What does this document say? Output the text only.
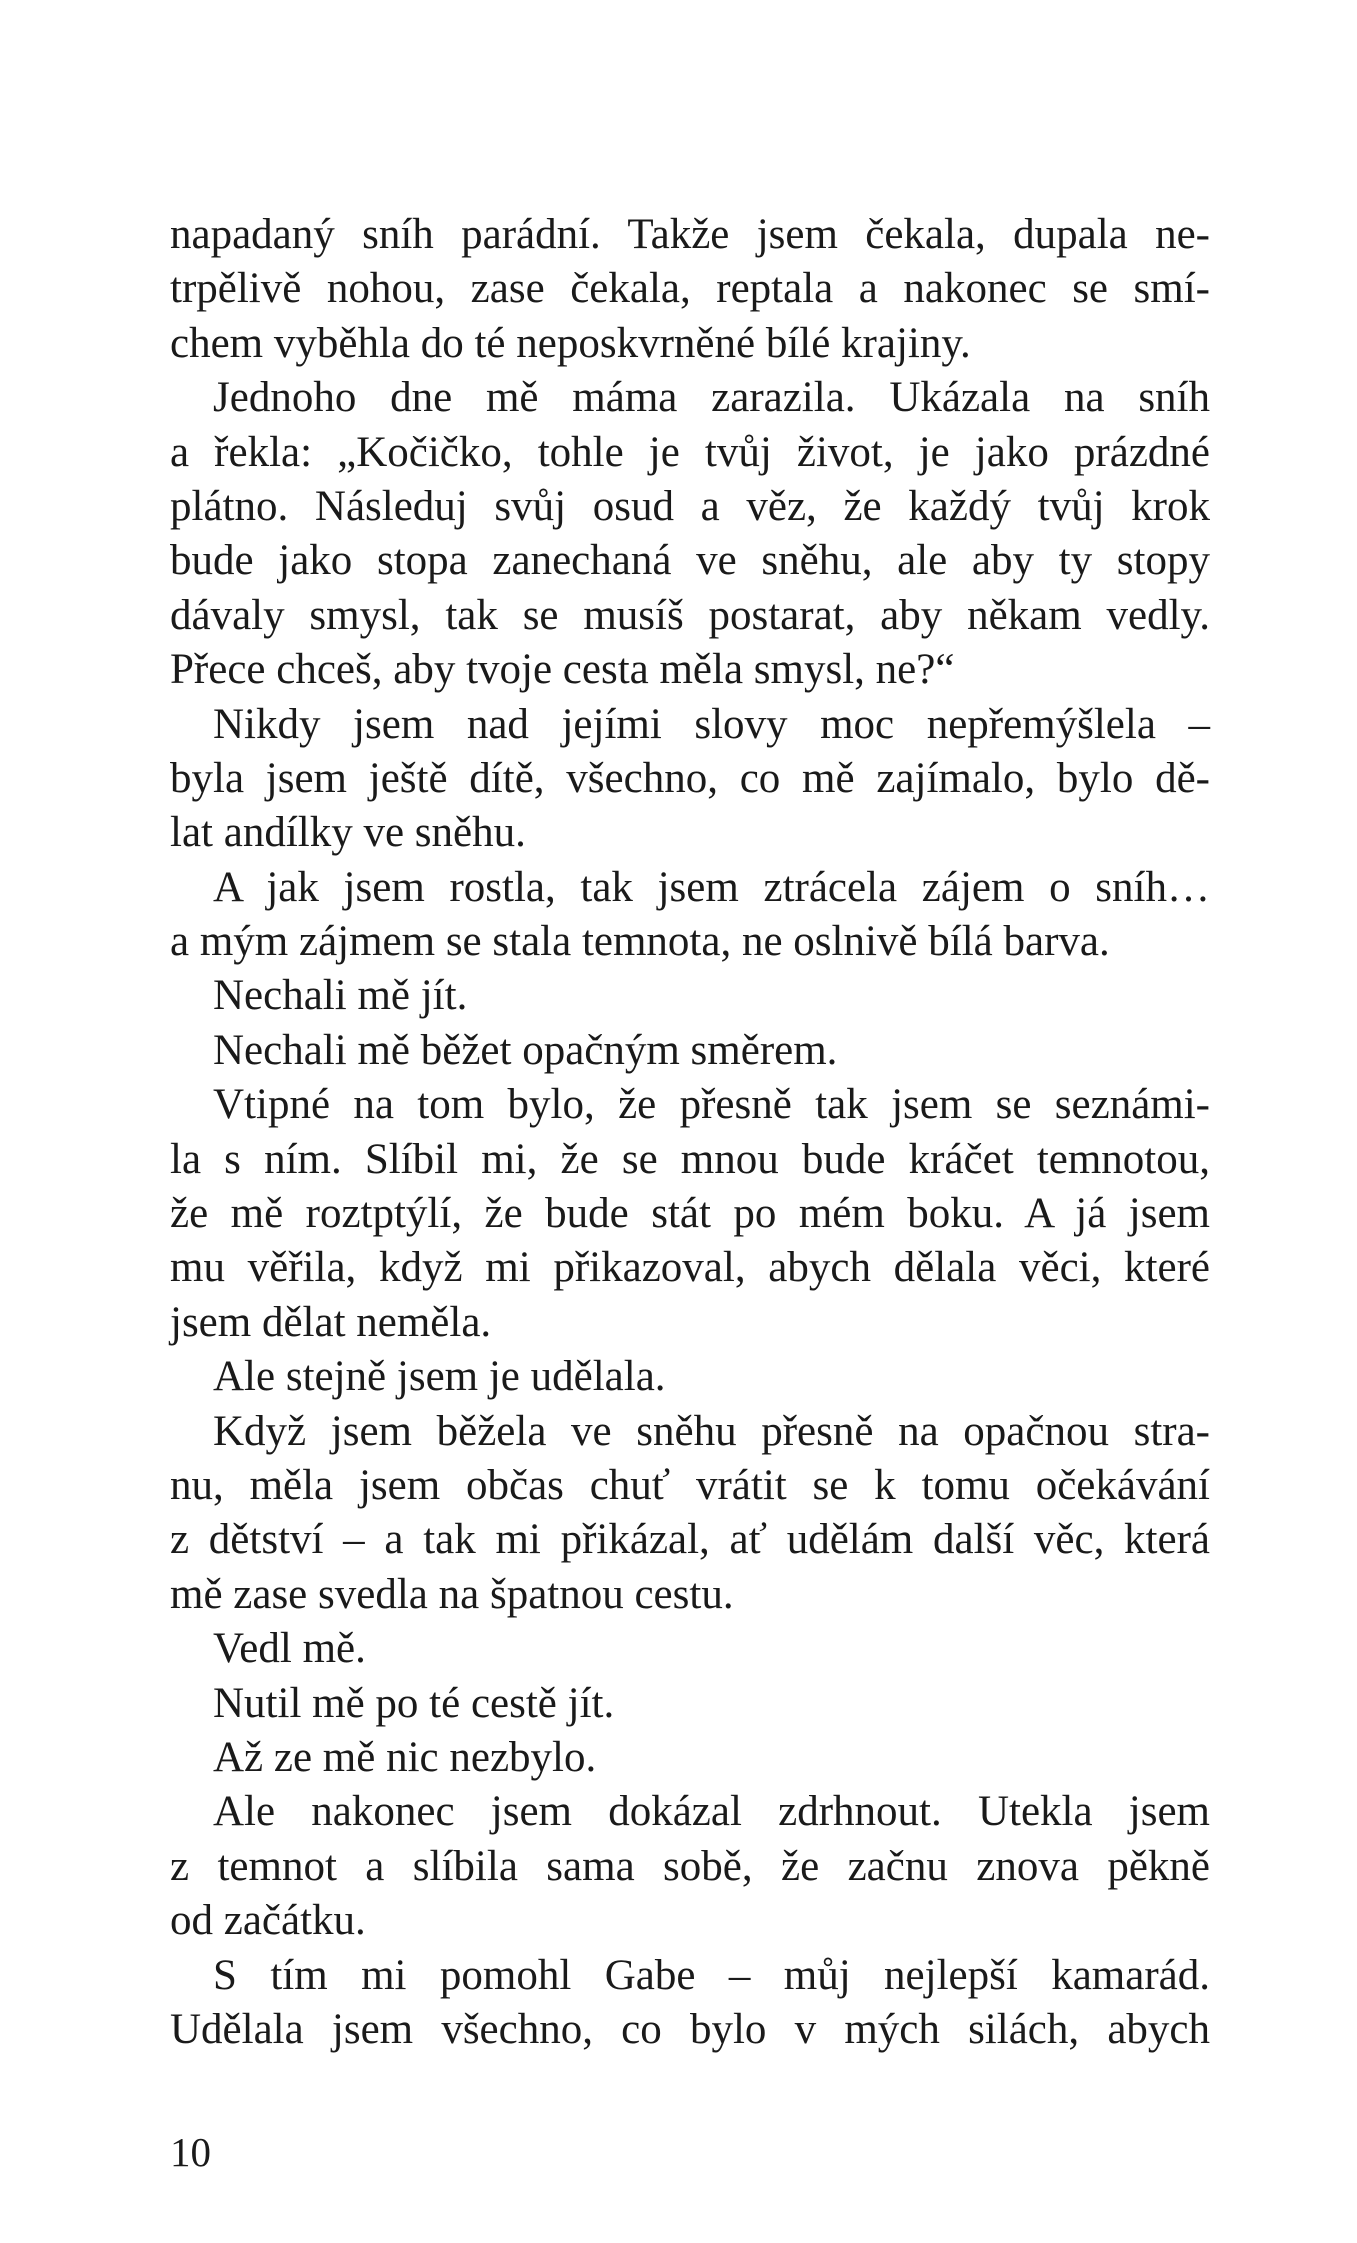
napadaný sníh parádní. Takže jsem čekala, dupala ne-
trpělivě nohou, zase čekala, reptala a nakonec se smí-
chem vyběhla do té neposkvrněné bílé krajiny.
Jednoho dne mě máma zarazila. Ukázala na sníh
a řekla: „Kočičko, tohle je tvůj život, je jako prázdné
plátno. Následuj svůj osud a věz, že každý tvůj krok
bude jako stopa zanechaná ve sněhu, ale aby ty stopy
dávaly smysl, tak se musíš postarat, aby někam vedly.
Přece chceš, aby tvoje cesta měla smysl, ne?“
Nikdy jsem nad jejími slovy moc nepřemýšlela –
byla jsem ještě dítě, všechno, co mě zajímalo, bylo dě-
lat andílky ve sněhu.
A jak jsem rostla, tak jsem ztrácela zájem o sníh…
a mým zájmem se stala temnota, ne oslnivě bílá barva.
Nechali mě jít.
Nechali mě běžet opačným směrem.
Vtipné na tom bylo, že přesně tak jsem se seznámi-
la s ním. Slíbil mi, že se mnou bude kráčet temnotou,
že mě roztptýlí, že bude stát po mém boku. A já jsem
mu věřila, když mi přikazoval, abych dělala věci, které
jsem dělat neměla.
Ale stejně jsem je udělala.
Když jsem běžela ve sněhu přesně na opačnou stra-
nu, měla jsem občas chuť vrátit se k tomu očekávání
z dětství – a tak mi přikázal, ať udělám další věc, která
mě zase svedla na špatnou cestu.
Vedl mě.
Nutil mě po té cestě jít.
Až ze mě nic nezbylo.
Ale nakonec jsem dokázal zdrhnout. Utekla jsem
z temnot a slíbila sama sobě, že začnu znova pěkně
od začátku.
S tím mi pomohl Gabe – můj nejlepší kamarád.
Udělala jsem všechno, co bylo v mých silách, abych
10
